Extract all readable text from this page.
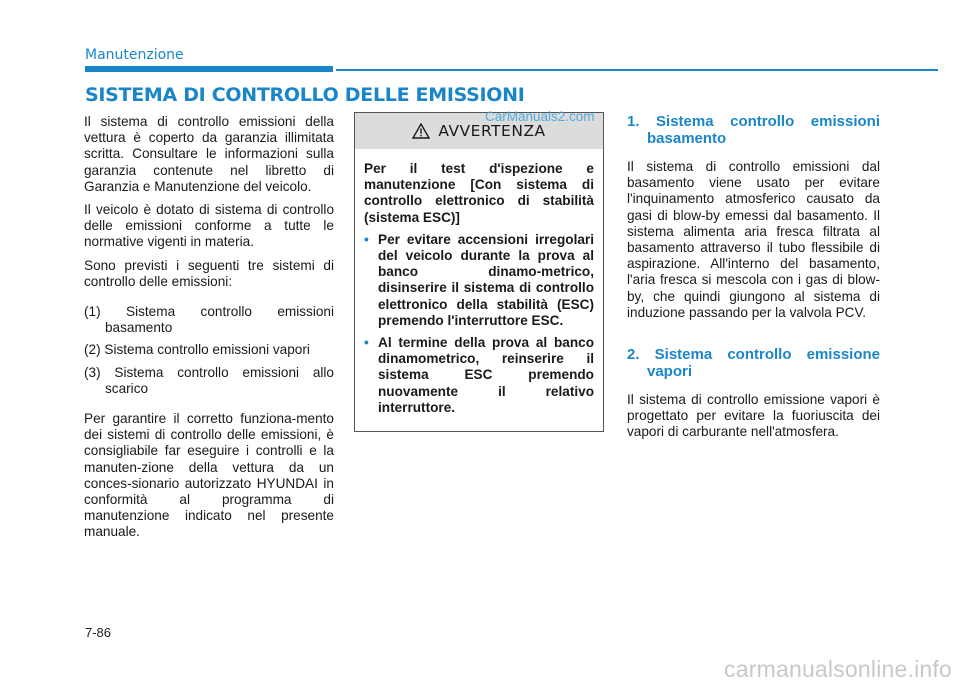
Manutenzione
SISTEMA DI CONTROLLO DELLE EMISSIONI

Il sistema di controllo emissioni della vettura è coperto da garanzia illimitata scritta. Consultare le informazioni sulla garanzia contenute nel libretto di Garanzia e Manutenzione del veicolo.

Il veicolo è dotato di sistema di controllo delle emissioni conforme a tutte le normative vigenti in materia.

Sono previsti i seguenti tre sistemi di controllo delle emissioni:

(1) Sistema controllo emissioni basamento
(2) Sistema controllo emissioni vapori
(3) Sistema controllo emissioni allo scarico

Per garantire il corretto funziona-mento dei sistemi di controllo delle emissioni, è consigliabile far eseguire i controlli e la manuten-zione della vettura da un conces-sionario autorizzato HYUNDAI in conformità al programma di manutenzione indicato nel presente manuale.

AVVERTENZA
Per il test d'ispezione e manutenzione [Con sistema di controllo elettronico di stabilità (sistema ESC)]
• Per evitare accensioni irregolari del veicolo durante la prova al banco dinamo-metrico, disinserire il sistema di controllo elettronico della stabilità (ESC) premendo l'interruttore ESC.
• Al termine della prova al banco dinamometrico, reinserire il sistema ESC premendo nuovamente il relativo interruttore.
CarManuals2.com 1. Sistema controllo emissioni basamento

Il sistema di controllo emissioni dal basamento viene usato per evitare l'inquinamento atmosferico causato da gasi di blow-by emessi dal basamento. Il sistema alimenta aria fresca filtrata al basamento attraverso il tubo flessibile di aspirazione. All'interno del basamento, l'aria fresca si mescola con i gas di blow-by, che quindi giungono al sistema di induzione passando per la valvola PCV.

2. Sistema controllo emissione vapori

Il sistema di controllo emissione vapori è progettato per evitare la fuoriuscita dei vapori di carburante nell'atmosfera.

7-86
carmanualsonline.info
